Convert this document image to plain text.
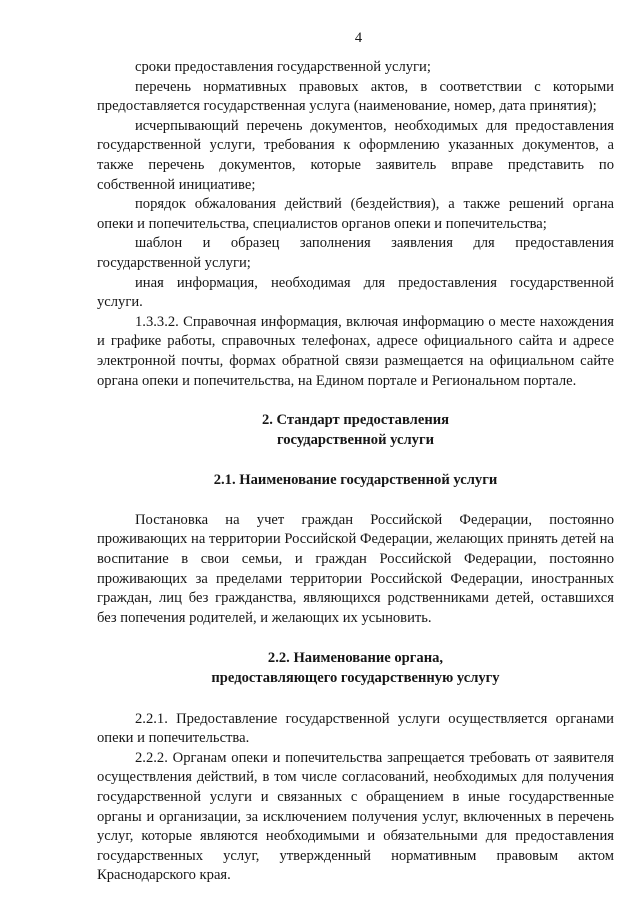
4

сроки предоставления государственной услуги;

перечень нормативных правовых актов, в соответствии с которыми предоставляется государственная услуга (наименование, номер, дата принятия);

исчерпывающий перечень документов, необходимых для предоставления государственной услуги, требования к оформлению указанных документов, а также перечень документов, которые заявитель вправе представить по собственной инициативе;

порядок обжалования действий (бездействия), а также решений органа опеки и попечительства, специалистов органов опеки и попечительства;

шаблон и образец заполнения заявления для предоставления государственной услуги;

иная информация, необходимая для предоставления государственной услуги.

1.3.3.2. Справочная информация, включая информацию о месте нахождения и графике работы, справочных телефонах, адресе официального сайта и адресе электронной почты, формах обратной связи размещается на официальном сайте органа опеки и попечительства, на Едином портале и Региональном портале.

2. Стандарт предоставления

государственной услуги

2.1. Наименование государственной услуги

Постановка на учет граждан Российской Федерации, постоянно проживающих на территории Российской Федерации, желающих принять детей на воспитание в свои семьи, и граждан Российской Федерации, постоянно проживающих за пределами территории Российской Федерации, иностранных граждан, лиц без гражданства, являющихся родственниками детей, оставшихся без попечения родителей, и желающих их усыновить.

2.2. Наименование органа,

предоставляющего государственную услугу

2.2.1. Предоставление государственной услуги осуществляется органами опеки и попечительства.

2.2.2. Органам опеки и попечительства запрещается требовать от заявителя осуществления действий, в том числе согласований, необходимых для получения государственной услуги и связанных с обращением в иные государственные органы и организации, за исключением получения услуг, включенных в перечень услуг, которые являются необходимыми и обязательными для предоставления государственных услуг, утвержденный нормативным правовым актом Краснодарского края.
